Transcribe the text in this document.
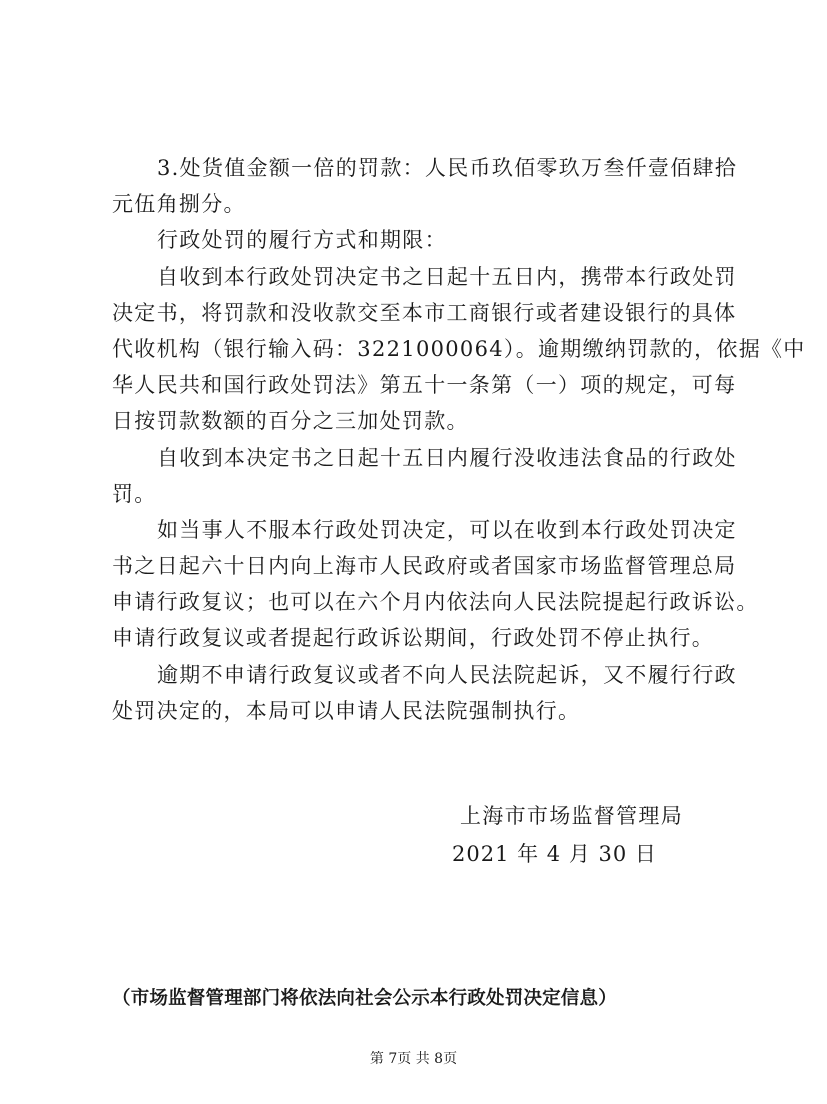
3.处货值金额一倍的罚款：人民币玖佰零玖万叁仟壹佰肆拾
元伍角捌分。
行政处罚的履行方式和期限：
自收到本行政处罚决定书之日起十五日内，携带本行政处罚
决定书，将罚款和没收款交至本市工商银行或者建设银行的具体
代收机构（银行输入码：3221000064）。逾期缴纳罚款的，依据《中
华人民共和国行政处罚法》第五十一条第（一）项的规定，可每
日按罚款数额的百分之三加处罚款。
自收到本决定书之日起十五日内履行没收违法食品的行政处
罚。
如当事人不服本行政处罚决定，可以在收到本行政处罚决定
书之日起六十日内向上海市人民政府或者国家市场监督管理总局
申请行政复议；也可以在六个月内依法向人民法院提起行政诉讼。
申请行政复议或者提起行政诉讼期间，行政处罚不停止执行。
逾期不申请行政复议或者不向人民法院起诉，又不履行行政
处罚决定的，本局可以申请人民法院强制执行。
上海市市场监督管理局
2021 年 4 月 30 日
（市场监督管理部门将依法向社会公示本行政处罚决定信息）
第 7页 共 8页
